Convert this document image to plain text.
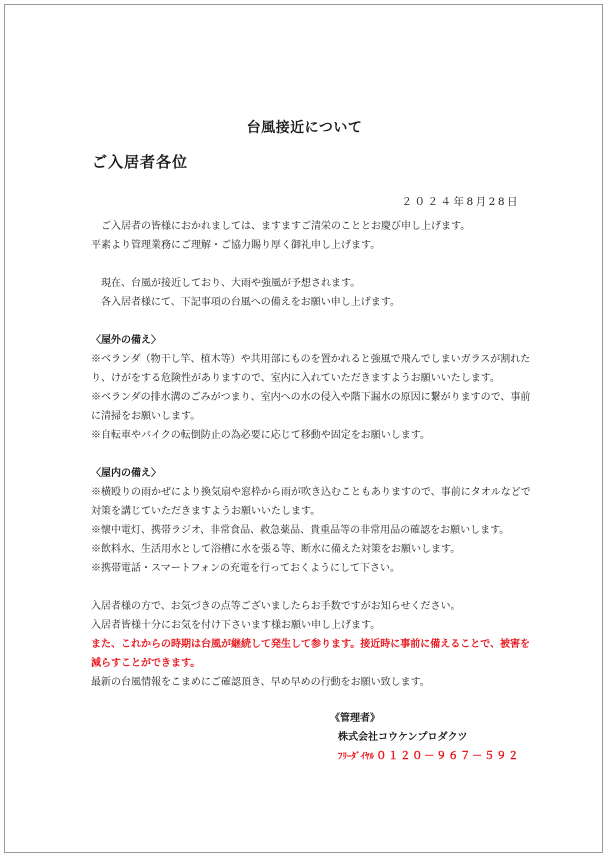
台風接近について
ご入居者各位
２０２４年8月28日

ご入居者の皆様におかれましては、ますますご清栄のこととお慶び申し上げます。

平素より管理業務にご理解・ご協力賜り厚く御礼申し上げます。

現在、台風が接近しており、大雨や強風が予想されます。

各入居者様にて、下記事項の台風への備えをお願い申し上げます。

〈屋外の備え〉

※ベランダ（物干し竿、植木等）や共用部にものを置かれると強風で飛んでしまいガラスが割れたり、けがをする危険性がありますので、室内に入れていただきますようお願いいたします。

※ベランダの排水溝のごみがつまり、室内への水の侵入や階下漏水の原因に繋がりますので、事前に清掃をお願いします。

※自転車やバイクの転倒防止の為必要に応じて移動や固定をお願いします。

〈屋内の備え〉

※横殴りの雨かぜにより換気扇や窓枠から雨が吹き込むこともありますので、事前にタオルなどで対策を講じていただきますようお願いいたします。

※懐中電灯、携帯ラジオ、非常食品、救急薬品、貴重品等の非常用品の確認をお願いします。

※飲料水、生活用水として浴槽に水を張る等、断水に備えた対策をお願いします。

※携帯電話・スマートフォンの充電を行っておくようにして下さい。

入居者様の方で、お気づきの点等ございましたらお手数ですがお知らせください。

入居者皆様十分にお気を付け下さいます様お願い申し上げます。

また、これからの時期は台風が継続して発生して参ります。接近時に事前に備えることで、被害を減らすことができます。

最新の台風情報をこまめにご確認頂き、早め早めの行動をお願い致します。

《管理者》
株式会社コウケンプロダクツ
ﾌﾘｰﾀﾞｲﾔﾙ ０１２０－９６７－５９２
